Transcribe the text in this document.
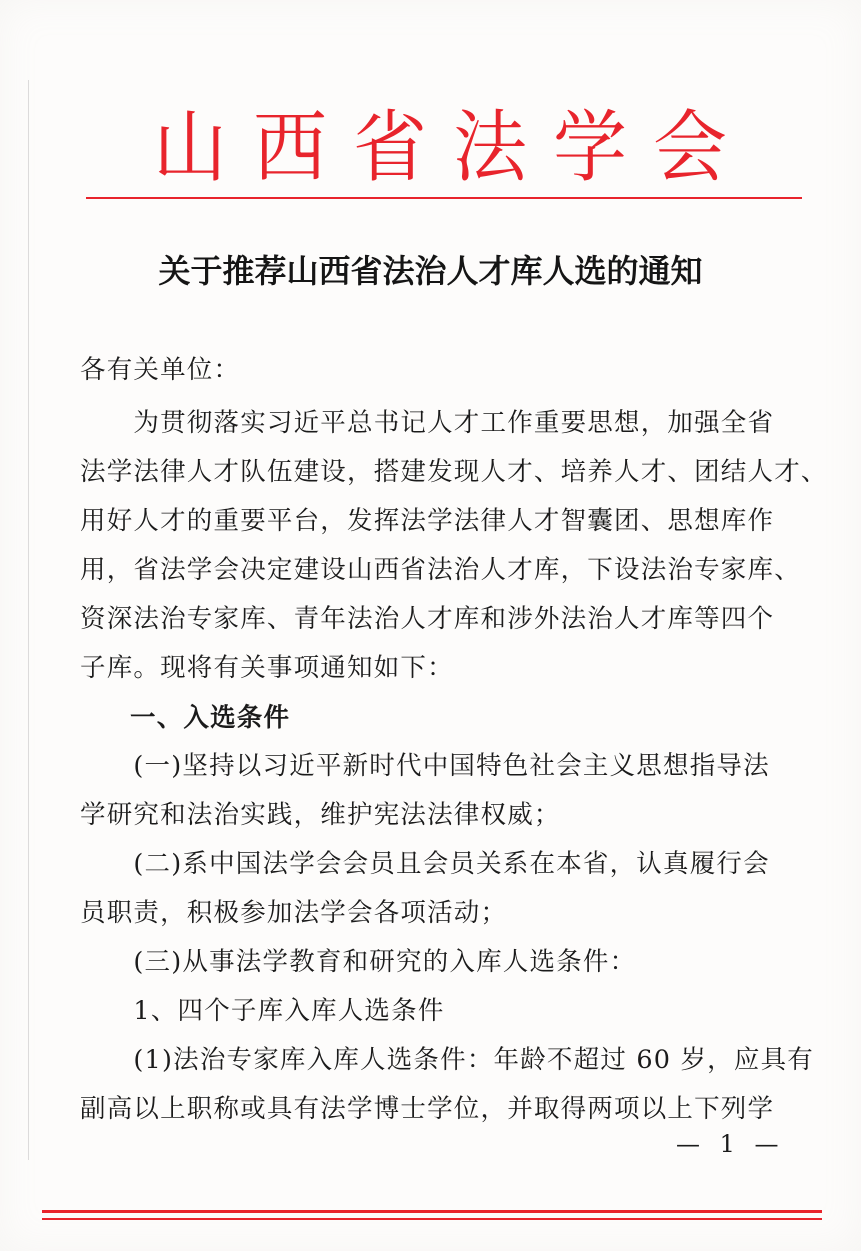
山 西 省 法 学 会
关于推荐山西省法治人才库人选的通知
各有关单位：
　　为贯彻落实习近平总书记人才工作重要思想，加强全省
法学法律人才队伍建设，搭建发现人才、培养人才、团结人才、
用好人才的重要平台，发挥法学法律人才智囊团、思想库作
用，省法学会决定建设山西省法治人才库，下设法治专家库、
资深法治专家库、青年法治人才库和涉外法治人才库等四个
子库。现将有关事项通知如下：
一、入选条件
　　(一)坚持以习近平新时代中国特色社会主义思想指导法
学研究和法治实践，维护宪法法律权威；
　　(二)系中国法学会会员且会员关系在本省，认真履行会
员职责，积极参加法学会各项活动；
　　(三)从事法学教育和研究的入库人选条件：
　　1、四个子库入库人选条件
　　(1)法治专家库入库人选条件：年龄不超过 60 岁，应具有
副高以上职称或具有法学博士学位，并取得两项以上下列学
— 1 —
